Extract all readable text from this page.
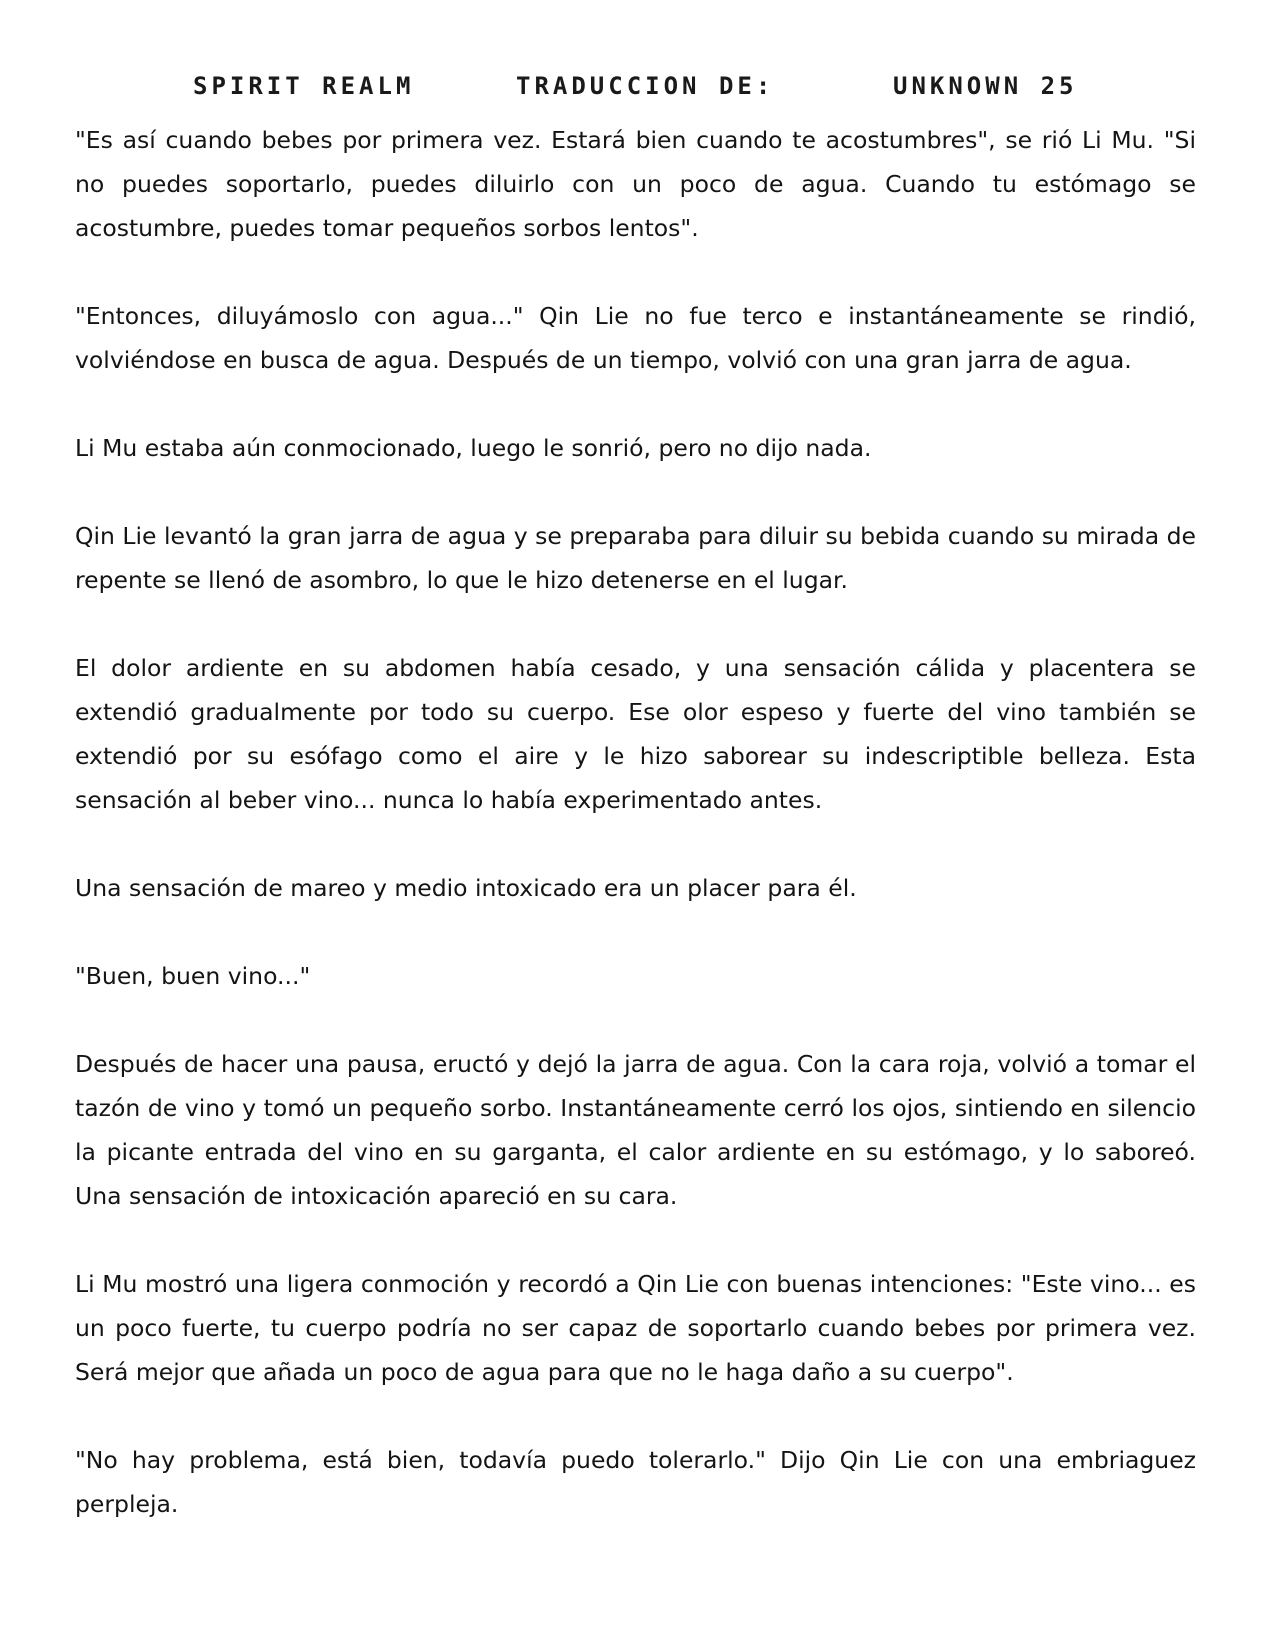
SPIRIT REALM	TRADUCCION DE:	UNKNOWN 25

"Es así cuando bebes por primera vez. Estará bien cuando te acostumbres", se rió Li Mu. "Si no puedes soportarlo, puedes diluirlo con un poco de agua. Cuando tu estómago se acostumbre, puedes tomar pequeños sorbos lentos".

"Entonces, diluyámoslo con agua..." Qin Lie no fue terco e instantáneamente se rindió, volviéndose en busca de agua. Después de un tiempo, volvió con una gran jarra de agua.

Li Mu estaba aún conmocionado, luego le sonrió, pero no dijo nada.

Qin Lie levantó la gran jarra de agua y se preparaba para diluir su bebida cuando su mirada de repente se llenó de asombro, lo que le hizo detenerse en el lugar.

El dolor ardiente en su abdomen había cesado, y una sensación cálida y placentera se extendió gradualmente por todo su cuerpo. Ese olor espeso y fuerte del vino también se extendió por su esófago como el aire y le hizo saborear su indescriptible belleza. Esta sensación al beber vino... nunca lo había experimentado antes.

Una sensación de mareo y medio intoxicado era un placer para él.

"Buen, buen vino..."

Después de hacer una pausa, eructó y dejó la jarra de agua. Con la cara roja, volvió a tomar el tazón de vino y tomó un pequeño sorbo. Instantáneamente cerró los ojos, sintiendo en silencio la picante entrada del vino en su garganta, el calor ardiente en su estómago, y lo saboreó. Una sensación de intoxicación apareció en su cara.

Li Mu mostró una ligera conmoción y recordó a Qin Lie con buenas intenciones: "Este vino... es un poco fuerte, tu cuerpo podría no ser capaz de soportarlo cuando bebes por primera vez. Será mejor que añada un poco de agua para que no le haga daño a su cuerpo".

"No hay problema, está bien, todavía puedo tolerarlo." Dijo Qin Lie con una embriaguez perpleja.
